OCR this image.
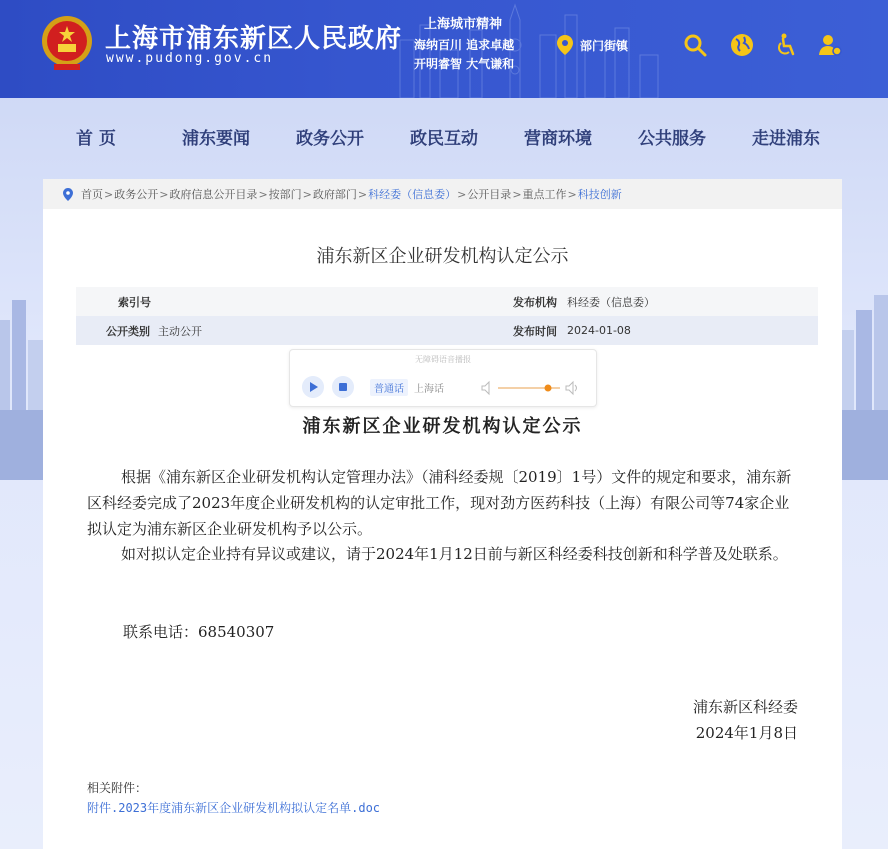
上海市浦东新区人民政府
www.pudong.gov.cn
上海城市精神
海纳百川 追求卓越
开明睿智 大气谦和
部门街镇
首 页	浦东要闻	政务公开	政民互动	营商环境	公共服务	走进浦东
首页 > 政务公开 > 政府信息公开目录 > 按部门 > 政府部门 > 科经委（信息委） > 公开目录 > 重点工作 > 科技创新
浦东新区企业研发机构认定公示
索引号	发布机构 科经委（信息委）
公开类别 主动公开	发布时间 2024-01-08
无障碍语音播报
普通话	上海话
浦东新区企业研发机构认定公示
根据《浦东新区企业研发机构认定管理办法》（浦科经委规〔2019〕1号）文件的规定和要求，浦东新区科经委完成了2023年度企业研发机构的认定审批工作，现对劲方医药科技（上海）有限公司等74家企业拟认定为浦东新区企业研发机构予以公示。
如对拟认定企业持有异议或建议，请于2024年1月12日前与新区科经委科技创新和科学普及处联系。
联系电话：68540307
浦东新区科经委
2024年1月8日
相关附件：
附件.2023年度浦东新区企业研发机构拟认定名单.doc
